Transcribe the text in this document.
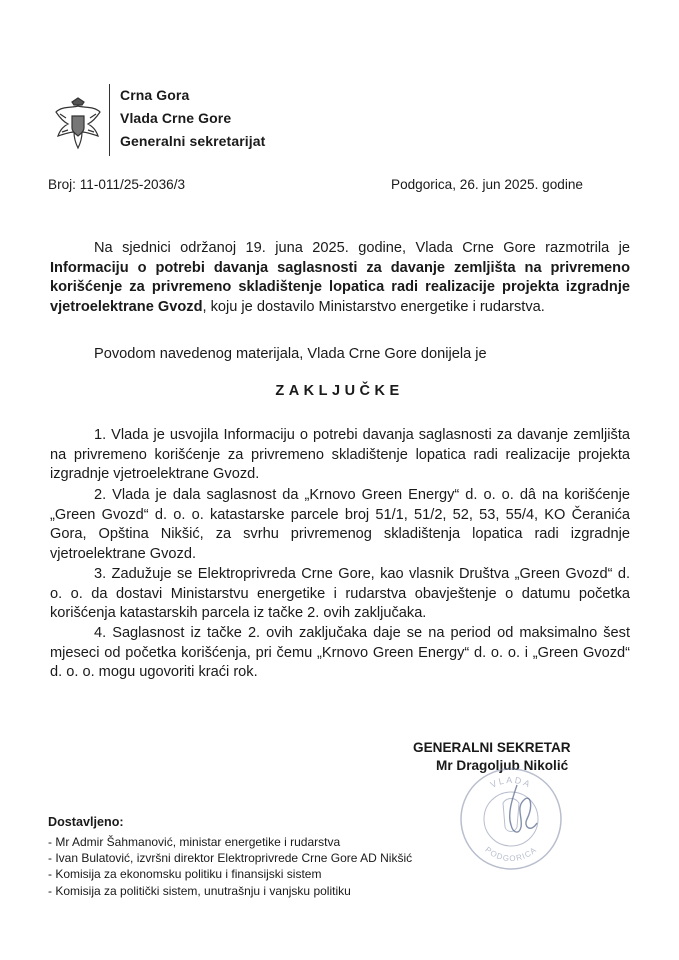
Crna Gora
Vlada Crne Gore
Generalni sekretarijat
Broj: 11-011/25-2036/3	Podgorica, 26. jun 2025. godine

Na sjednici održanoj 19. juna 2025. godine, Vlada Crne Gore razmotrila je Informaciju o potrebi davanja saglasnosti za davanje zemljišta na privremeno korišćenje za privremeno skladištenje lopatica radi realizacije projekta izgradnje vjetroelektrane Gvozd, koju je dostavilo Ministarstvo energetike i rudarstva.

Povodom navedenog materijala, Vlada Crne Gore donijela je

ZAKLJUČKE

1. Vlada je usvojila Informaciju o potrebi davanja saglasnosti za davanje zemljišta na privremeno korišćenje za privremeno skladištenje lopatica radi realizacije projekta izgradnje vjetroelektrane Gvozd.

2. Vlada je dala saglasnost da „Krnovo Green Energy“ d. o. o. dâ na korišćenje „Green Gvozd“ d. o. o. katastarske parcele broj 51/1, 51/2, 52, 53, 55/4, KO Čeranića Gora, Opština Nikšić, za svrhu privremenog skladištenja lopatica radi izgradnje vjetroelektrane Gvozd.

3. Zadužuje se Elektroprivreda Crne Gore, kao vlasnik Društva „Green Gvozd“ d. o. o. da dostavi Ministarstvu energetike i rudarstva obavještenje o datumu početka korišćenja katastarskih parcela iz tačke 2. ovih zaključaka.

4. Saglasnost iz tačke 2. ovih zaključaka daje se na period od maksimalno šest mjeseci od početka korišćenja, pri čemu „Krnovo Green Energy“ d. o. o. i „Green Gvozd“ d. o. o. mogu ugovoriti kraći rok.

GENERALNI SEKRETAR
Mr Dragoljub Nikolić
VLADA
PODGORICA
Dostavljeno:
- Mr Admir Šahmanović, ministar energetike i rudarstva
- Ivan Bulatović, izvršni direktor Elektroprivrede Crne Gore AD Nikšić
- Komisija za ekonomsku politiku i finansijski sistem
- Komisija za politički sistem, unutrašnju i vanjsku politiku
